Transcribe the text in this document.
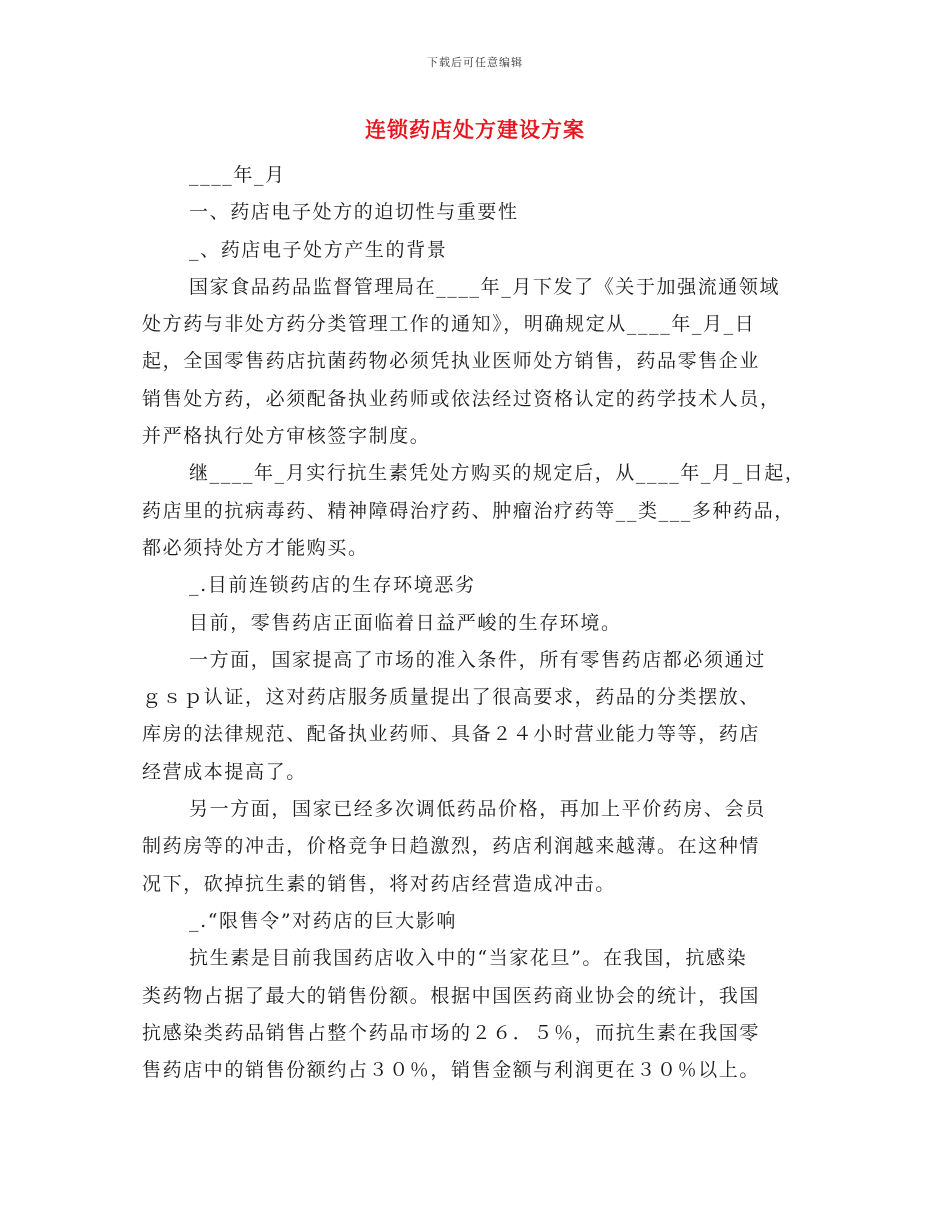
下载后可任意编辑
连锁药店处方建设方案
____年_月
一、药店电子处方的迫切性与重要性
_、药店电子处方产生的背景
国家食品药品监督管理局在____年_月下发了《关于加强流通领域
处方药与非处方药分类管理工作的通知》，明确规定从____年_月_日
起，全国零售药店抗菌药物必须凭执业医师处方销售，药品零售企业
销售处方药，必须配备执业药师或依法经过资格认定的药学技术人员，
并严格执行处方审核签字制度。
继____年_月实行抗生素凭处方购买的规定后，从____年_月_日起，
药店里的抗病毒药、精神障碍治疗药、肿瘤治疗药等__类___多种药品，
都必须持处方才能购买。
_.目前连锁药店的生存环境恶劣
目前，零售药店正面临着日益严峻的生存环境。
一方面，国家提高了市场的准入条件，所有零售药店都必须通过
ｇｓｐ认证，这对药店服务质量提出了很高要求，药品的分类摆放、
库房的法律规范、配备执业药师、具备２４小时营业能力等等，药店
经营成本提高了。
另一方面，国家已经多次调低药品价格，再加上平价药房、会员
制药房等的冲击，价格竞争日趋激烈，药店利润越来越薄。在这种情
况下，砍掉抗生素的销售，将对药店经营造成冲击。
_.“限售令”对药店的巨大影响
抗生素是目前我国药店收入中的“当家花旦”。在我国，抗感染
类药物占据了最大的销售份额。根据中国医药商业协会的统计，我国
抗感染类药品销售占整个药品市场的２６．５％，而抗生素在我国零
售药店中的销售份额约占３０％，销售金额与利润更在３０％以上。
